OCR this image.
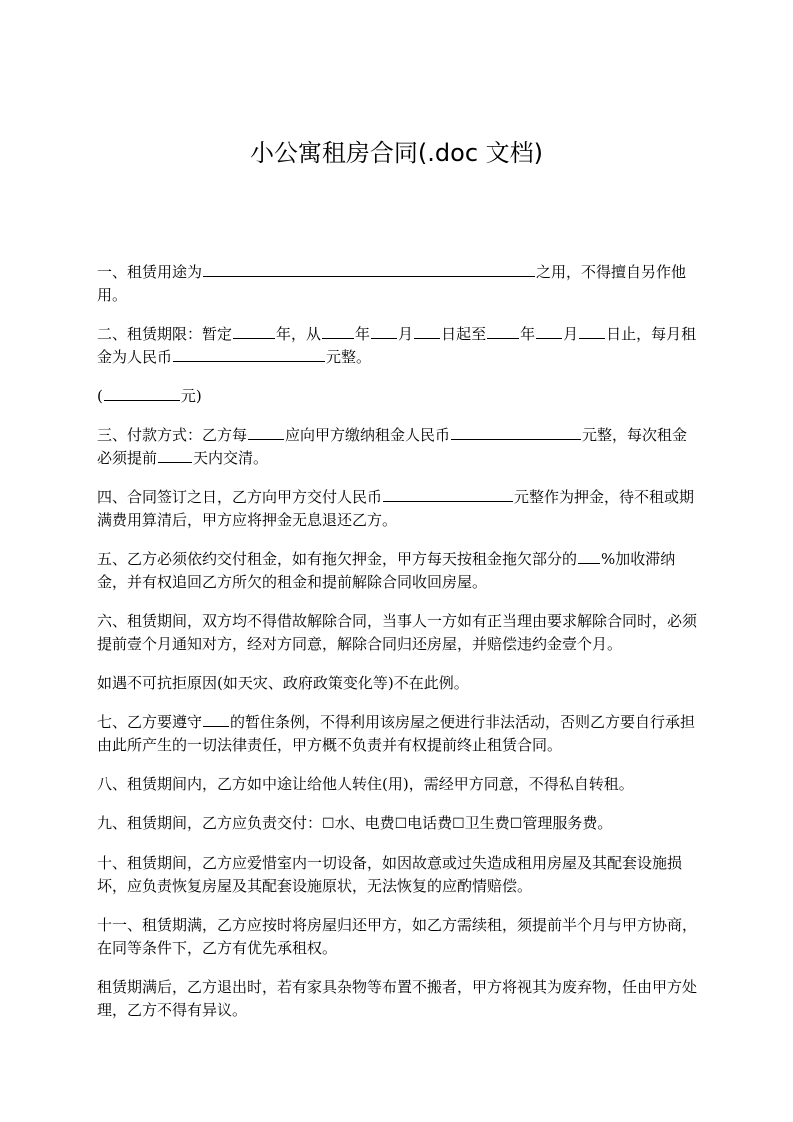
小公寓租房合同(.doc 文档)

一、租赁用途为	之用，不得擅自另作他用。

二、租赁期限：暂定	年，从 年 月 日起至 年 月 日止，每月租金为人民币	元整。

(	元)

三、付款方式：乙方每	应向甲方缴纳租金人民币	元整，每次租金必须提前 天内交清。

四、合同签订之日，乙方向甲方交付人民币	元整作为押金，待不租或期满费用算清后，甲方应将押金无息退还乙方。

五、乙方必须依约交付租金，如有拖欠押金，甲方每天按租金拖欠部分的 %加收滞纳金，并有权追回乙方所欠的租金和提前解除合同收回房屋。

六、租赁期间，双方均不得借故解除合同，当事人一方如有正当理由要求解除合同时，必须提前壹个月通知对方，经对方同意，解除合同归还房屋，并赔偿违约金壹个月。

如遇不可抗拒原因(如天灾、政府政策变化等)不在此例。

七、乙方要遵守 的暂住条例，不得利用该房屋之便进行非法活动，否则乙方要自行承担由此所产生的一切法律责任，甲方概不负责并有权提前终止租赁合同。

八、租赁期间内，乙方如中途让给他人转住(用)，需经甲方同意，不得私自转租。

九、租赁期间，乙方应负责交付：☐水、电费☐电话费☐卫生费☐管理服务费。

十、租赁期间，乙方应爱惜室内一切设备，如因故意或过失造成租用房屋及其配套设施损坏，应负责恢复房屋及其配套设施原状，无法恢复的应酌情赔偿。

十一、租赁期满，乙方应按时将房屋归还甲方，如乙方需续租，须提前半个月与甲方协商，在同等条件下，乙方有优先承租权。

租赁期满后，乙方退出时，若有家具杂物等布置不搬者，甲方将视其为废弃物，任由甲方处理，乙方不得有异议。
